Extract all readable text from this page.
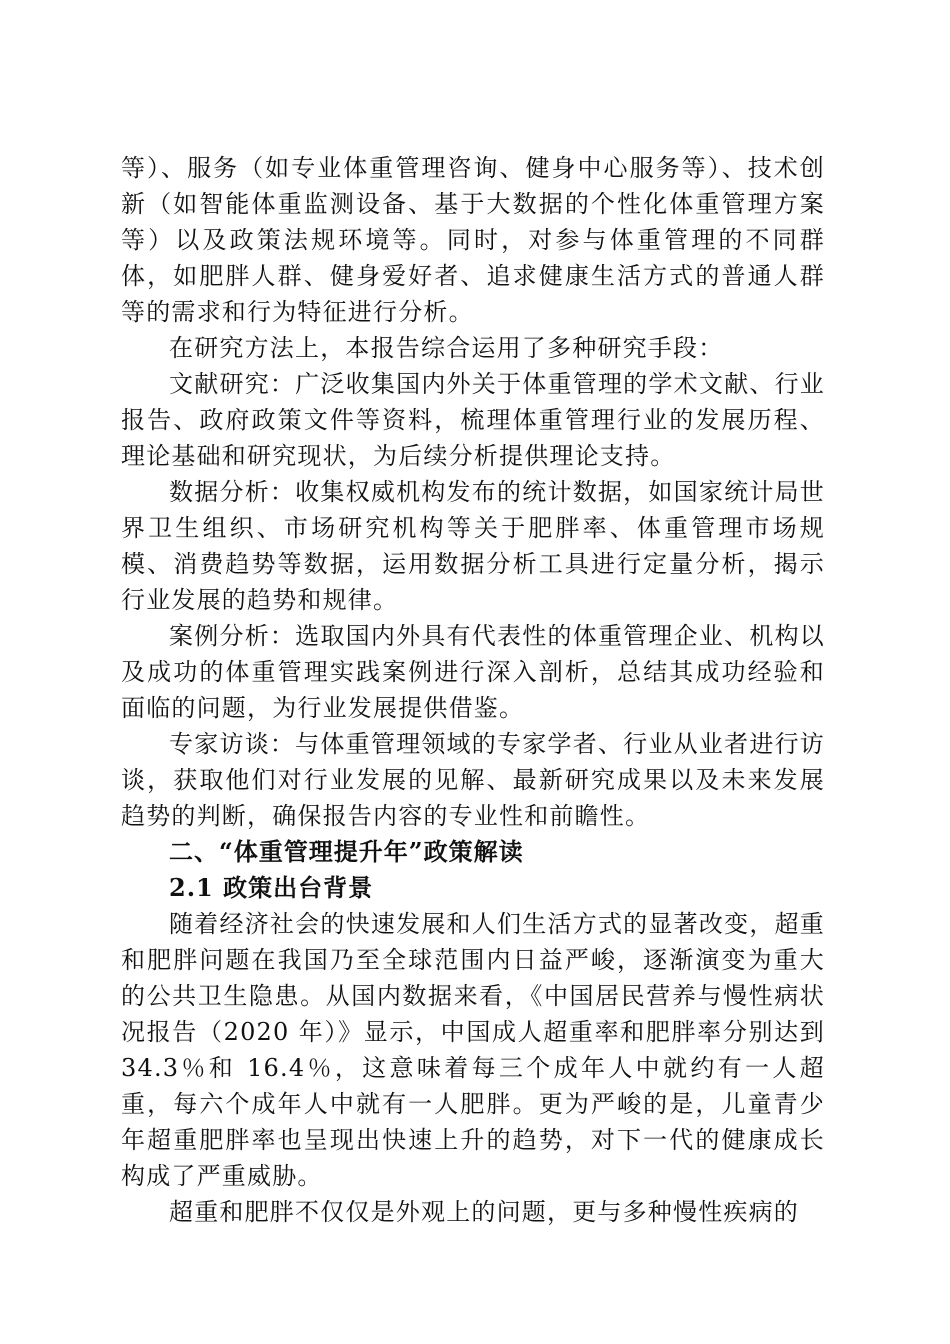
等）、服务（如专业体重管理咨询、健身中心服务等）、技术创新（如智能体重监测设备、基于大数据的个性化体重管理方案等）以及政策法规环境等。同时，对参与体重管理的不同群体，如肥胖人群、健身爱好者、追求健康生活方式的普通人群等的需求和行为特征进行分析。

在研究方法上，本报告综合运用了多种研究手段：

文献研究：广泛收集国内外关于体重管理的学术文献、行业报告、政府政策文件等资料，梳理体重管理行业的发展历程、理论基础和研究现状，为后续分析提供理论支持。

数据分析：收集权威机构发布的统计数据，如国家统计局世界卫生组织、市场研究机构等关于肥胖率、体重管理市场规模、消费趋势等数据，运用数据分析工具进行定量分析，揭示行业发展的趋势和规律。

案例分析：选取国内外具有代表性的体重管理企业、机构以及成功的体重管理实践案例进行深入剖析，总结其成功经验和面临的问题，为行业发展提供借鉴。

专家访谈：与体重管理领域的专家学者、行业从业者进行访谈，获取他们对行业发展的见解、最新研究成果以及未来发展趋势的判断，确保报告内容的专业性和前瞻性。

二、“体重管理提升年”政策解读
2.1 政策出台背景

随着经济社会的快速发展和人们生活方式的显著改变，超重和肥胖问题在我国乃至全球范围内日益严峻，逐渐演变为重大的公共卫生隐患。从国内数据来看，《中国居民营养与慢性病状况报告（2020 年）》显示，中国成人超重率和肥胖率分别达到 34.3％和 16.4％，这意味着每三个成年人中就约有一人超重，每六个成年人中就有一人肥胖。更为严峻的是，儿童青少年超重肥胖率也呈现出快速上升的趋势，对下一代的健康成长构成了严重威胁。

超重和肥胖不仅仅是外观上的问题，更与多种慢性疾病的
